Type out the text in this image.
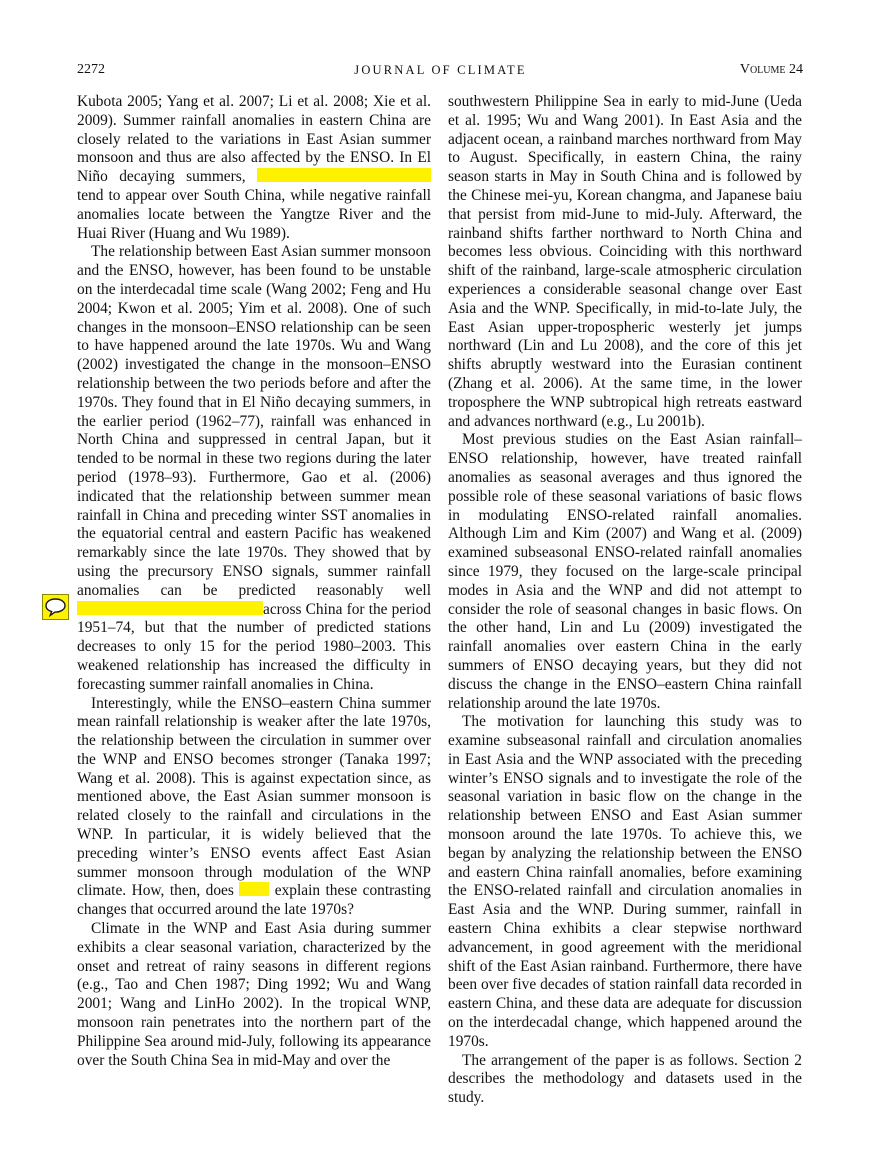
2272	JOURNAL OF CLIMATE	Volume 24

Kubota 2005; Yang et al. 2007; Li et al. 2008; Xie et al. 2009). Summer rainfall anomalies in eastern China are closely related to the variations in East Asian summer monsoon and thus are also affected by the ENSO. In El Niño decaying summers,  tend to appear over South China, while negative rainfall anomalies locate between the Yangtze River and the Huai River (Huang and Wu 1989).

The relationship between East Asian summer monsoon and the ENSO, however, has been found to be unstable on the interdecadal time scale (Wang 2002; Feng and Hu 2004; Kwon et al. 2005; Yim et al. 2008). One of such changes in the monsoon–ENSO relationship can be seen to have happened around the late 1970s. Wu and Wang (2002) investigated the change in the monsoon–ENSO relationship between the two periods before and after the 1970s. They found that in El Niño decaying summers, in the earlier period (1962–77), rainfall was enhanced in North China and suppressed in central Japan, but it tended to be normal in these two regions during the later period (1978–93). Furthermore, Gao et al. (2006) indicated that the relationship between summer mean rainfall in China and preceding winter SST anomalies in the equatorial central and eastern Pacific has weakened remarkably since the late 1970s. They showed that by using the precursory ENSO signals, summer rainfall anomalies can be predicted reasonably well across China for the period 1951–74, but that the number of predicted stations decreases to only 15 for the period 1980–2003. This weakened relationship has increased the difficulty in forecasting summer rainfall anomalies in China.

Interestingly, while the ENSO–eastern China summer mean rainfall relationship is weaker after the late 1970s, the relationship between the circulation in summer over the WNP and ENSO becomes stronger (Tanaka 1997; Wang et al. 2008). This is against expectation since, as mentioned above, the East Asian summer monsoon is related closely to the rainfall and circulations in the WNP. In particular, it is widely believed that the preceding winter’s ENSO events affect East Asian summer monsoon through modulation of the WNP climate. How, then, does  explain these contrasting changes that occurred around the late 1970s?

Climate in the WNP and East Asia during summer exhibits a clear seasonal variation, characterized by the onset and retreat of rainy seasons in different regions (e.g., Tao and Chen 1987; Ding 1992; Wu and Wang 2001; Wang and LinHo 2002). In the tropical WNP, monsoon rain penetrates into the northern part of the Philippine Sea around mid-July, following its appearance over the South China Sea in mid-May and over the

southwestern Philippine Sea in early to mid-June (Ueda et al. 1995; Wu and Wang 2001). In East Asia and the adjacent ocean, a rainband marches northward from May to August. Specifically, in eastern China, the rainy season starts in May in South China and is followed by the Chinese mei-yu, Korean changma, and Japanese baiu that persist from mid-June to mid-July. Afterward, the rainband shifts farther northward to North China and becomes less obvious. Coinciding with this northward shift of the rainband, large-scale atmospheric circulation experiences a considerable seasonal change over East Asia and the WNP. Specifically, in mid-to-late July, the East Asian upper-tropospheric westerly jet jumps northward (Lin and Lu 2008), and the core of this jet shifts abruptly westward into the Eurasian continent (Zhang et al. 2006). At the same time, in the lower troposphere the WNP subtropical high retreats eastward and advances northward (e.g., Lu 2001b).

Most previous studies on the East Asian rainfall–ENSO relationship, however, have treated rainfall anomalies as seasonal averages and thus ignored the possible role of these seasonal variations of basic flows in modulating ENSO-related rainfall anomalies. Although Lim and Kim (2007) and Wang et al. (2009) examined subseasonal ENSO-related rainfall anomalies since 1979, they focused on the large-scale principal modes in Asia and the WNP and did not attempt to consider the role of seasonal changes in basic flows. On the other hand, Lin and Lu (2009) investigated the rainfall anomalies over eastern China in the early summers of ENSO decaying years, but they did not discuss the change in the ENSO–eastern China rainfall relationship around the late 1970s.

The motivation for launching this study was to examine subseasonal rainfall and circulation anomalies in East Asia and the WNP associated with the preceding winter’s ENSO signals and to investigate the role of the seasonal variation in basic flow on the change in the relationship between ENSO and East Asian summer monsoon around the late 1970s. To achieve this, we began by analyzing the relationship between the ENSO and eastern China rainfall anomalies, before examining the ENSO-related rainfall and circulation anomalies in East Asia and the WNP. During summer, rainfall in eastern China exhibits a clear stepwise northward advancement, in good agreement with the meridional shift of the East Asian rainband. Furthermore, there have been over five decades of station rainfall data recorded in eastern China, and these data are adequate for discussion on the interdecadal change, which happened around the 1970s.

The arrangement of the paper is as follows. Section 2 describes the methodology and datasets used in the study.
